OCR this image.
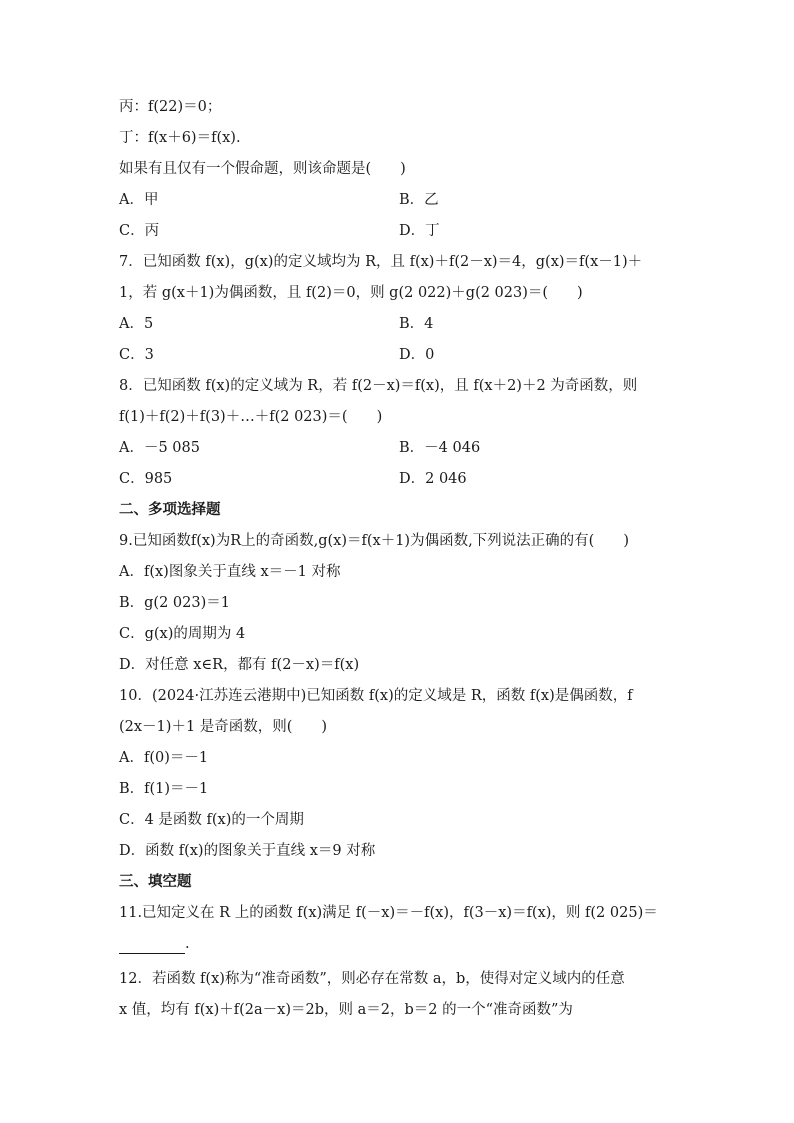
丙：f(22)＝0；
丁：f(x＋6)＝f(x).
如果有且仅有一个假命题，则该命题是(　　)
A．甲	B．乙
C．丙	D．丁
7．已知函数 f(x)，g(x)的定义域均为 R，且 f(x)＋f(2－x)＝4，g(x)＝f(x－1)＋
1，若 g(x＋1)为偶函数，且 f(2)＝0，则 g(2 022)＋g(2 023)＝(　　)
A．5	B．4
C．3	D．0
8．已知函数 f(x)的定义域为 R，若 f(2－x)＝f(x)，且 f(x＋2)＋2 为奇函数，则
f(1)＋f(2)＋f(3)＋…＋f(2 023)＝(　　)
A．－5 085	B．－4 046
C．985	D．2 046
二、多项选择题
9.已知函数f(x)为R上的奇函数,g(x)＝f(x＋1)为偶函数,下列说法正确的有(　　)
A．f(x)图象关于直线 x＝－1 对称
B．g(2 023)＝1
C．g(x)的周期为 4
D．对任意 x∈R，都有 f(2－x)＝f(x)
10．(2024·江苏连云港期中)已知函数 f(x)的定义域是 R，函数 f(x)是偶函数，f
(2x－1)＋1 是奇函数，则(　　)
A．f(0)＝－1
B．f(1)＝－1
C．4 是函数 f(x)的一个周期
D．函数 f(x)的图象关于直线 x＝9 对称
三、填空题
11.已知定义在 R 上的函数 f(x)满足 f(－x)＝－f(x)，f(3－x)＝f(x)，则 f(2 025)＝
.
12．若函数 f(x)称为“准奇函数”，则必存在常数 a，b，使得对定义域内的任意
x 值，均有 f(x)＋f(2a－x)＝2b，则 a＝2，b＝2 的一个“准奇函数”为
